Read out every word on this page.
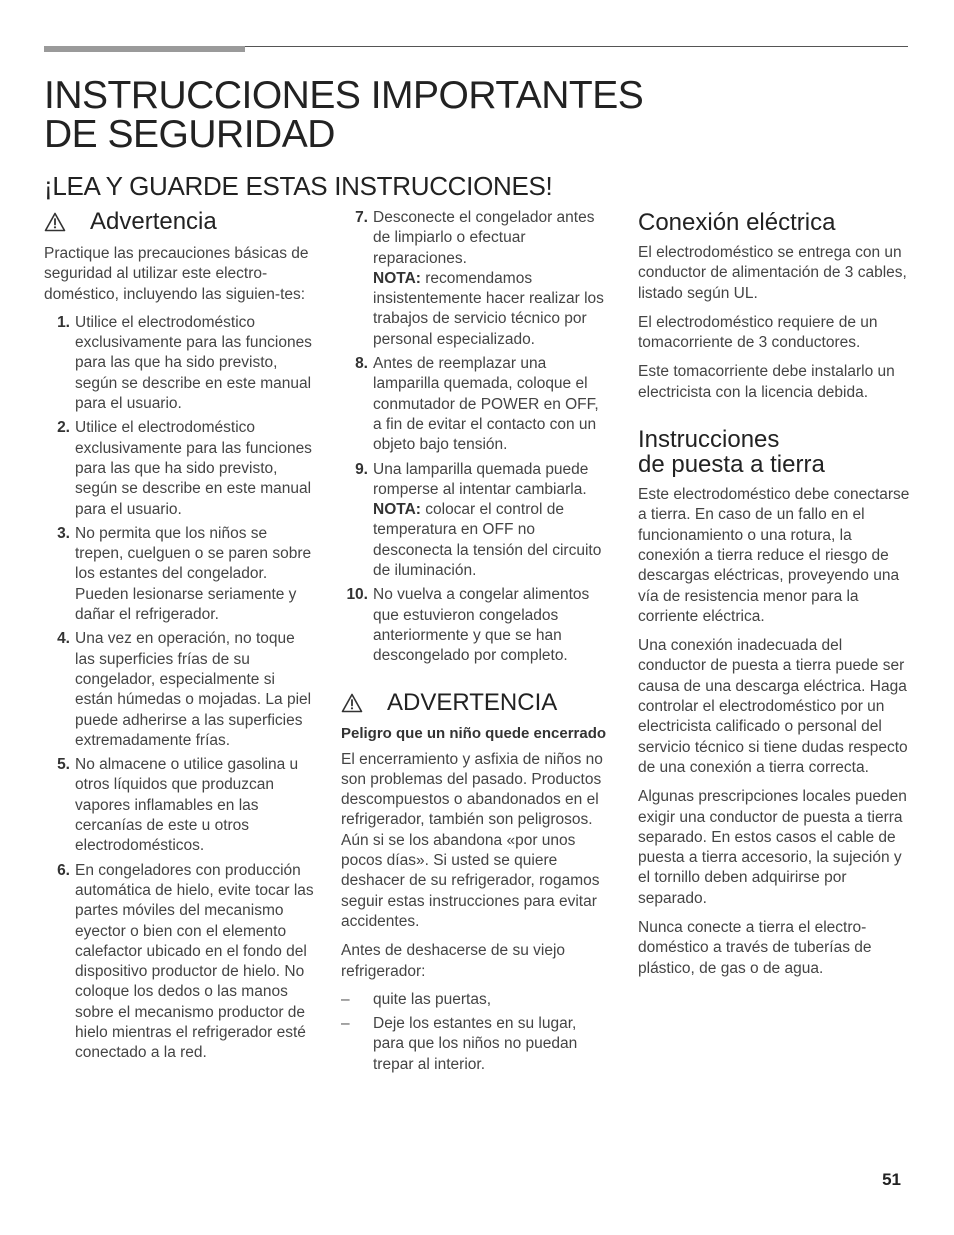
INSTRUCCIONES IMPORTANTES
DE SEGURIDAD
¡LEA Y GUARDE ESTAS INSTRUCCIONES!
Advertencia

Practique las precauciones básicas de seguridad al utilizar este electro-doméstico, incluyendo las siguien-tes:

1. Utilice el electrodoméstico exclusivamente para las funciones para las que ha sido previsto, según se describe en este manual para el usuario.
2. Utilice el electrodoméstico exclusivamente para las funciones para las que ha sido previsto, según se describe en este manual para el usuario.
3. No permita que los niños se trepen, cuelguen o se paren sobre los estantes del congelador. Pueden lesionarse seriamente y dañar el refrigerador.
4. Una vez en operación, no toque las superficies frías de su congelador, especialmente si están húmedas o mojadas. La piel puede adherirse a las superficies extremadamente frías.
5. No almacene o utilice gasolina u otros líquidos que produzcan vapores inflamables en las cercanías de este u otros electrodomésticos.
6. En congeladores con producción automática de hielo, evite tocar las partes móviles del mecanismo eyector o bien con el elemento calefactor ubicado en el fondo del dispositivo productor de hielo. No coloque los dedos o las manos sobre el mecanismo productor de hielo mientras el refrigerador esté conectado a la red.
7. Desconecte el congelador antes de limpiarlo o efectuar reparaciones.
NOTA: recomendamos insistentemente hacer realizar los trabajos de servicio técnico por personal especializado.
8. Antes de reemplazar una lamparilla quemada, coloque el conmutador de POWER en OFF, a fin de evitar el contacto con un objeto bajo tensión.
9. Una lamparilla quemada puede romperse al intentar cambiarla.
NOTA: colocar el control de temperatura en OFF no desconecta la tensión del circuito de iluminación.
10. No vuelva a congelar alimentos que estuvieron congelados anteriormente y que se han descongelado por completo.
ADVERTENCIA
Peligro que un niño quede encerrado

El encerramiento y asfixia de niños no son problemas del pasado. Productos descompuestos o abandonados en el refrigerador, también son peligrosos. Aún si se los abandona «por unos pocos días». Si usted se quiere deshacer de su refrigerador, rogamos seguir estas instrucciones para evitar accidentes.

Antes de deshacerse de su viejo refrigerador:

– quite las puertas,
– Deje los estantes en su lugar, para que los niños no puedan trepar al interior.
Conexión eléctrica

El electrodoméstico se entrega con un conductor de alimentación de 3 cables, listado según UL.

El electrodoméstico requiere de un tomacorriente de 3 conductores.

Este tomacorriente debe instalarlo un electricista con la licencia debida.

Instrucciones
de puesta a tierra

Este electrodoméstico debe conectarse a tierra. En caso de un fallo en el funcionamiento o una rotura, la conexión a tierra reduce el riesgo de descargas eléctricas, proveyendo una vía de resistencia menor para la corriente eléctrica.

Una conexión inadecuada del conductor de puesta a tierra puede ser causa de una descarga eléctrica. Haga controlar el electrodoméstico por un electricista calificado o personal del servicio técnico si tiene dudas respecto de una conexión a tierra correcta.

Algunas prescripciones locales pueden exigir una conductor de puesta a tierra separado. En estos casos el cable de puesta a tierra accesorio, la sujeción y el tornillo deben adquirirse por separado.

Nunca conecte a tierra el electro-doméstico a través de tuberías de plástico, de gas o de agua.

51
